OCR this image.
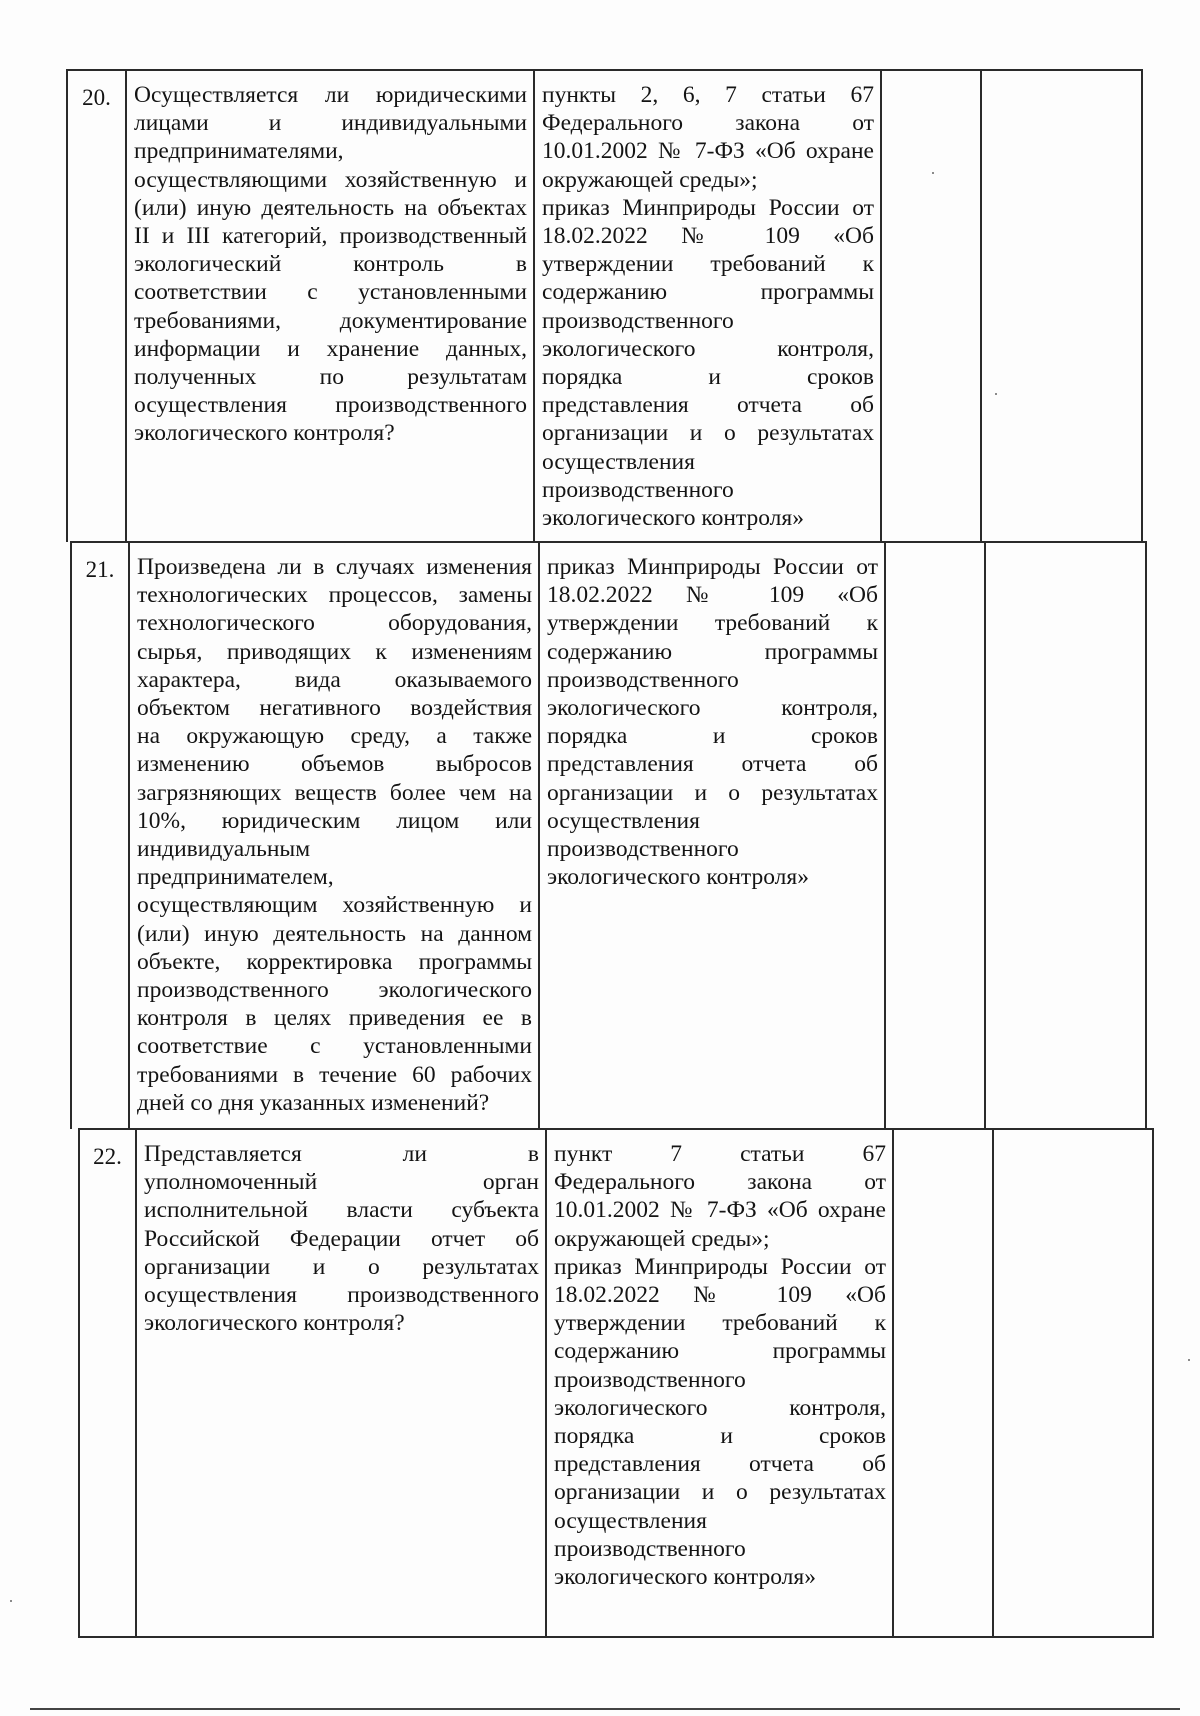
20. Осуществляется ли юридическими
лицами и индивидуальными
предпринимателями,
осуществляющими хозяйственную и
(или) иную деятельность на объектах
II и III категорий, производственный
экологический контроль в
соответствии с установленными
требованиями, документирование
информации и хранение данных,
полученных по результатам
осуществления производственного
экологического контроля?
пункты 2, 6, 7 статьи 67
Федерального закона от
10.01.2002 № 7-ФЗ «Об охране
окружающей среды»;
приказ Минприроды России от
18.02.2022 № 109 «Об
утверждении требований к
содержанию программы
производственного
экологического контроля,
порядка и сроков
представления отчета об
организации и о результатах
осуществления
производственного
экологического контроля»
21. Произведена ли в случаях изменения
технологических процессов, замены
технологического оборудования,
сырья, приводящих к изменениям
характера, вида оказываемого
объектом негативного воздействия
на окружающую среду, а также
изменению объемов выбросов
загрязняющих веществ более чем на
10%, юридическим лицом или
индивидуальным
предпринимателем,
осуществляющим хозяйственную и
(или) иную деятельность на данном
объекте, корректировка программы
производственного экологического
контроля в целях приведения ее в
соответствие с установленными
требованиями в течение 60 рабочих
дней со дня указанных изменений?
приказ Минприроды России от
18.02.2022 № 109 «Об
утверждении требований к
содержанию программы
производственного
экологического контроля,
порядка и сроков
представления отчета об
организации и о результатах
осуществления
производственного
экологического контроля»
22. Представляется ли в
уполномоченный орган
исполнительной власти субъекта
Российской Федерации отчет об
организации и о результатах
осуществления производственного
экологического контроля?
пункт 7 статьи 67
Федерального закона от
10.01.2002 № 7-ФЗ «Об охране
окружающей среды»;
приказ Минприроды России от
18.02.2022 № 109 «Об
утверждении требований к
содержанию программы
производственного
экологического контроля,
порядка и сроков
представления отчета об
организации и о результатах
осуществления
производственного
экологического контроля»
